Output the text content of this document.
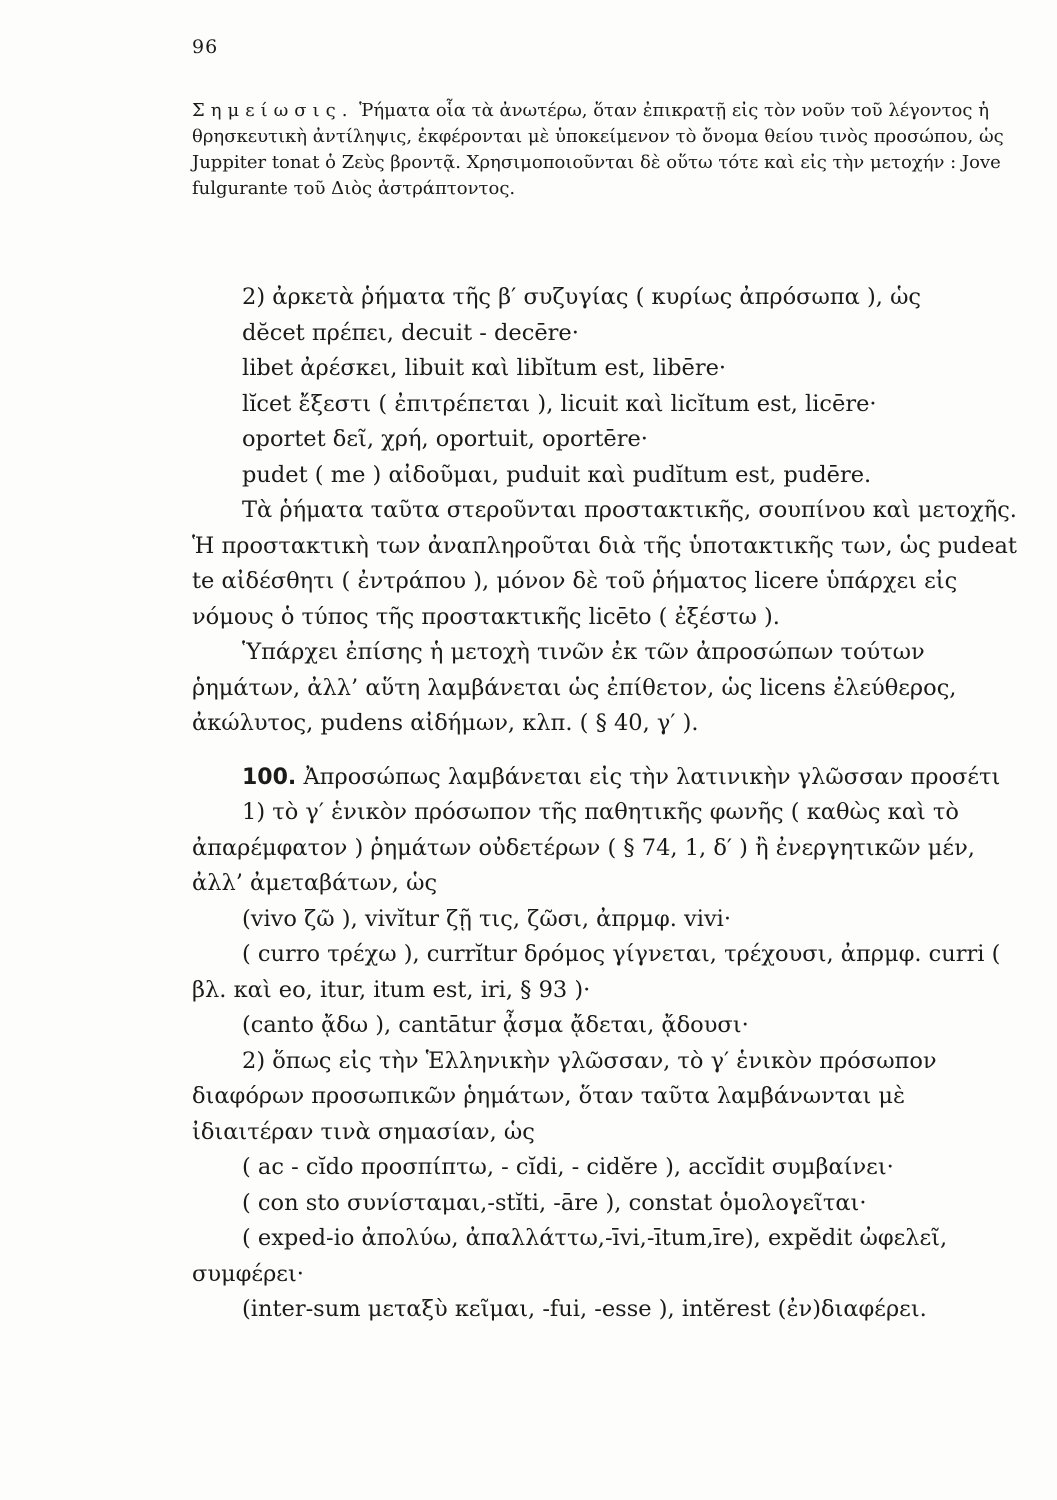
96
Σημείωσις. Ῥήματα οἷα τὰ ἀνωτέρω, ὅταν ἐπικρατῇ εἰς τὸν νοῦν τοῦ λέγοντος ἡ θρησκευτικὴ ἀντίληψις, ἐκφέρονται μὲ ὑποκείμενον τὸ ὄνομα θείου τινὸς προσώπου, ὡς Juppiter tonat ὁ Ζεὺς βροντᾷ. Χρησιμοποιοῦνται δὲ οὕτω τότε καὶ εἰς τὴν μετοχήν : Jove fulgurante τοῦ Διὸς ἀστράπτοντος.

2) ἀρκετὰ ῥήματα τῆς β′ συζυγίας ( κυρίως ἀπρόσωπα ), ὡς

dĕcet πρέπει, decuit - decēre·

libet ἀρέσκει, libuit καὶ libĭtum est, libēre·

lĭcet ἔξεστι ( ἐπιτρέπεται ), licuit καὶ licĭtum est, licēre·

oportet δεῖ, χρή, oportuit, oportēre·

pudet ( me ) αἰδοῦμαι, puduit καὶ pudĭtum est, pudēre.

Τὰ ῥήματα ταῦτα στεροῦνται προστακτικῆς, σουπίνου καὶ μετοχῆς. Ἡ προστακτικὴ των ἀναπληροῦται διὰ τῆς ὑποτακτικῆς των, ὡς pudeat te αἰδέσθητι ( ἐντράπου ), μόνον δὲ τοῦ ῥήματος licere ὑπάρχει εἰς νόμους ὁ τύπος τῆς προστακτικῆς licēto ( ἐξέστω ).

Ὑπάρχει ἐπίσης ἡ μετοχὴ τινῶν ἐκ τῶν ἀπροσώπων τούτων ῥημάτων, ἀλλ’ αὕτη λαμβάνεται ὡς ἐπίθετον, ὡς licens ἐλεύθερος, ἀκώλυτος, pudens αἰδήμων, κλπ. ( § 40, γ′ ).

100. Ἀπροσώπως λαμβάνεται εἰς τὴν λατινικὴν γλῶσσαν προσέτι

1) τὸ γ′ ἑνικὸν πρόσωπον τῆς παθητικῆς φωνῆς ( καθὼς καὶ τὸ ἀπαρέμφατον ) ῥημάτων οὐδετέρων ( § 74, 1, δ′ ) ἢ ἐνεργητικῶν μέν, ἀλλ’ ἀμεταβάτων, ὡς

(vivo ζῶ ), vivĭtur ζῇ τις, ζῶσι, ἀπρμφ. vivi·

( curro τρέχω ), currĭtur δρόμος γίγνεται, τρέχουσι, ἀπρμφ. curri ( βλ. καὶ eo, itur, itum est, iri, § 93 )·

(canto ᾄδω ), cantātur ᾆσμα ᾄδεται, ᾄδουσι·

2) ὅπως εἰς τὴν Ἑλληνικὴν γλῶσσαν, τὸ γ′ ἑνικὸν πρόσωπον διαφόρων προσωπικῶν ῥημάτων, ὅταν ταῦτα λαμβάνωνται μὲ ἰδιαιτέραν τινὰ σημασίαν, ὡς

( ac - cĭdo προσπίπτω, - cĭdi, - cidĕre ), accĭdit συμβαίνει·

( con sto συνίσταμαι,-stĭti, -āre ), constat ὁμολογεῖται·

( exped-io ἀπολύω, ἀπαλλάττω,-īvi,-ītum,īre), expĕdit ὠφελεῖ, συμφέρει·

(inter-sum μεταξὺ κεῖμαι, -fui, -esse ), intĕrest (ἐν)διαφέρει.
